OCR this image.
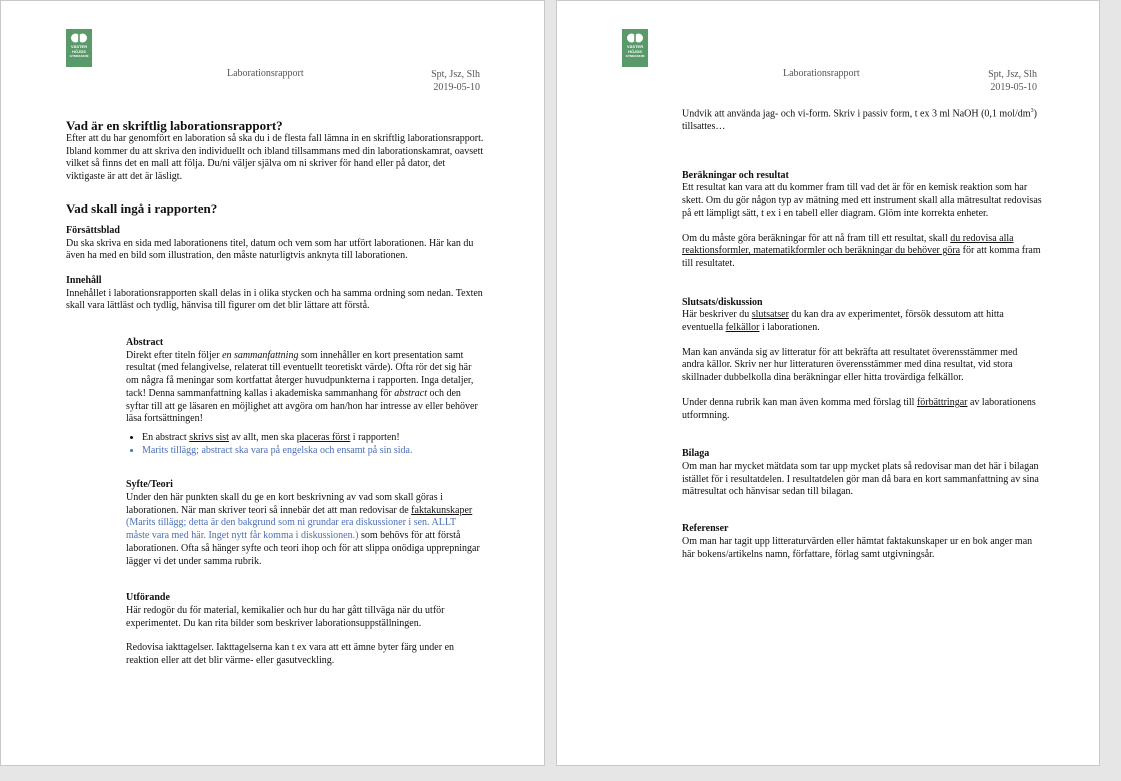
VÄSTER
HÖJDS
GYMNASIUM
Laborationsrapport	Spt, Jsz, Slh
2019-05-10
Vad är en skriftlig laborationsrapport?

Efter att du har genomfört en laboration så ska du i de flesta fall lämna in en skriftlig laborationsrapport. Ibland kommer du att skriva den individuellt och ibland tillsammans med din laborationskamrat, oavsett vilket så finns det en mall att följa. Du/ni väljer själva om ni skriver för hand eller på dator, det viktigaste är att det är läsligt.

Vad skall ingå i rapporten?
Försättsblad

Du ska skriva en sida med laborationens titel, datum och vem som har utfört laborationen. Här kan du även ha med en bild som illustration, den måste naturligtvis anknyta till laborationen.

Innehåll

Innehållet i laborationsrapporten skall delas in i olika stycken och ha samma ordning som nedan. Texten skall vara lättläst och tydlig, hänvisa till figurer om det blir lättare att förstå.

Abstract

Direkt efter titeln följer en sammanfattning som innehåller en kort presentation samt resultat (med felangivelse, relaterat till eventuellt teoretiskt värde). Ofta rör det sig här om några få meningar som kortfattat återger huvudpunkterna i rapporten. Inga detaljer, tack! Denna sammanfattning kallas i akademiska sammanhang för abstract och den syftar till att ge läsaren en möjlighet att avgöra om han/hon har intresse av eller behöver läsa fortsättningen!

• En abstract skrivs sist av allt, men ska placeras först i rapporten!
• Marits tillägg; abstract ska vara på engelska och ensamt på sin sida.
Syfte/Teori

Under den här punkten skall du ge en kort beskrivning av vad som skall göras i laborationen. När man skriver teori så innebär det att man redovisar de faktakunskaper (Marits tillägg; detta är den bakgrund som ni grundar era diskussioner i sen. ALLT måste vara med här. Inget nytt får komma i diskussionen.) som behövs för att förstå laborationen. Ofta så hänger syfte och teori ihop och för att slippa onödiga upprepningar lägger vi det under samma rubrik.

Utförande

Här redogör du för material, kemikalier och hur du har gått tillväga när du utför experimentet. Du kan rita bilder som beskriver laborationsuppställningen.

Redovisa iakttagelser. Iakttagelserna kan t ex vara att ett ämne byter färg under en reaktion eller att det blir värme- eller gasutveckling.

VÄSTER
HÖJDS
GYMNASIUM
Laborationsrapport	Spt, Jsz, Slh
2019-05-10

Undvik att använda jag- och vi-form. Skriv i passiv form, t ex 3 ml NaOH (0,1 mol/$dm^3$) tillsattes…

Beräkningar och resultat

Ett resultat kan vara att du kommer fram till vad det är för en kemisk reaktion som har skett. Om du gör någon typ av mätning med ett instrument skall alla mätresultat redovisas på ett lämpligt sätt, t ex i en tabell eller diagram. Glöm inte korrekta enheter.

Om du måste göra beräkningar för att nå fram till ett resultat, skall du redovisa alla reaktionsformler, matematikformler och beräkningar du behöver göra för att komma fram till resultatet.

Slutsats/diskussion

Här beskriver du slutsatser du kan dra av experimentet, försök dessutom att hitta eventuella felkällor i laborationen.

Man kan använda sig av litteratur för att bekräfta att resultatet överensstämmer med andra källor. Skriv ner hur litteraturen överensstämmer med dina resultat, vid stora skillnader dubbelkolla dina beräkningar eller hitta trovärdiga felkällor.

Under denna rubrik kan man även komma med förslag till förbättringar av laborationens utformning.

Bilaga

Om man har mycket mätdata som tar upp mycket plats så redovisar man det här i bilagan istället för i resultatdelen. I resultatdelen gör man då bara en kort sammanfattning av sina mätresultat och hänvisar sedan till bilagan.

Referenser

Om man har tagit upp litteraturvärden eller hämtat faktakunskaper ur en bok anger man här bokens/artikelns namn, författare, förlag samt utgivningsår.
